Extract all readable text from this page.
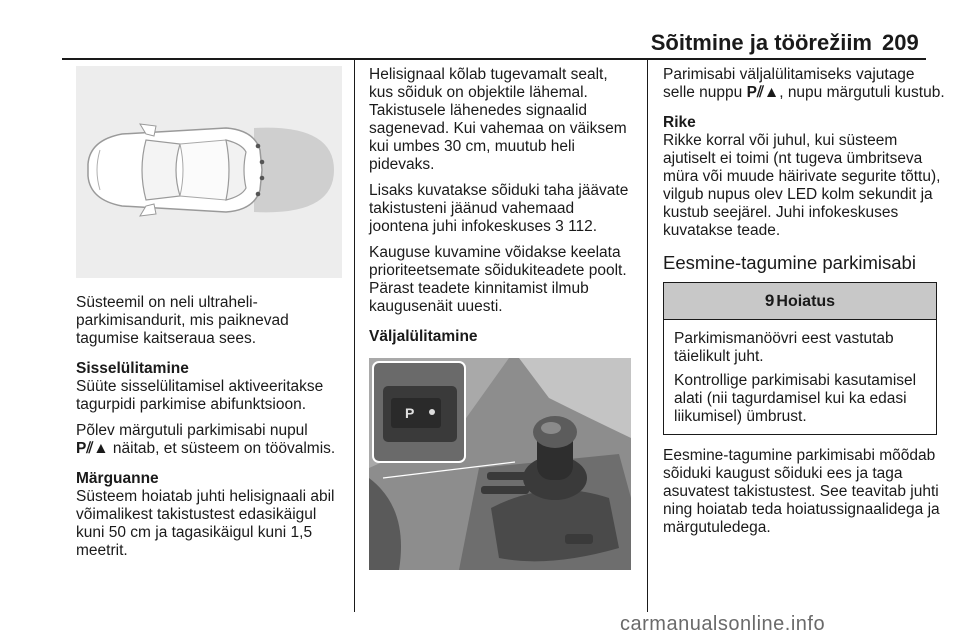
Sõitmine ja töörežiim 209

Süsteemil on neli ultraheli-parkimisandurit, mis paiknevad tagumise kaitseraua sees.

Sisselülitamine

Süüte sisselülitamisel aktiveeritakse tagurpidi parkimise abifunktsioon.

Põlev märgutuli parkimisabi nupul P⫽▲ näitab, et süsteem on töövalmis.

Märguanne

Süsteem hoiatab juhti helisignaali abil võimalikest takistustest edasikäigul kuni 50 cm ja tagasikäigul kuni 1,5 meetrit.

Helisignaal kõlab tugevamalt sealt, kus sõiduk on objektile lähemal. Takistusele lähenedes signaalid sagenevad. Kui vahemaa on väiksem kui umbes 30 cm, muutub heli pidevaks.

Lisaks kuvatakse sõiduki taha jäävate takistusteni jäänud vahemaad joontena juhi infokeskuses 3 112.

Kauguse kuvamine võidakse keelata prioriteetsemate sõidukiteadete poolt. Pärast teadete kinnitamist ilmub kaugusenäit uuesti.

Väljalülitamine

P

Parimisabi väljalülitamiseks vajutage selle nuppu P⫽▲, nupu märgutuli kustub.

Rike

Rikke korral või juhul, kui süsteem ajutiselt ei toimi (nt tugeva ümbritseva müra või muude häirivate segurite tõttu), vilgub nupus olev LED kolm sekundit ja kustub seejärel. Juhi infokeskuses kuvatakse teade.

Eesmine-tagumine parkimisabi

9 Hoiatus

Parkimismanöövri eest vastutab täielikult juht.

Kontrollige parkimisabi kasutamisel alati (nii tagurdamisel kui ka edasi liikumisel) ümbrust.

Eesmine-tagumine parkimisabi mõõdab sõiduki kaugust sõiduki ees ja taga asuvatest takistustest. See teavitab juhti ning hoiatab teda hoiatussignaalidega ja märgutuledega.

carmanualsonline.info
